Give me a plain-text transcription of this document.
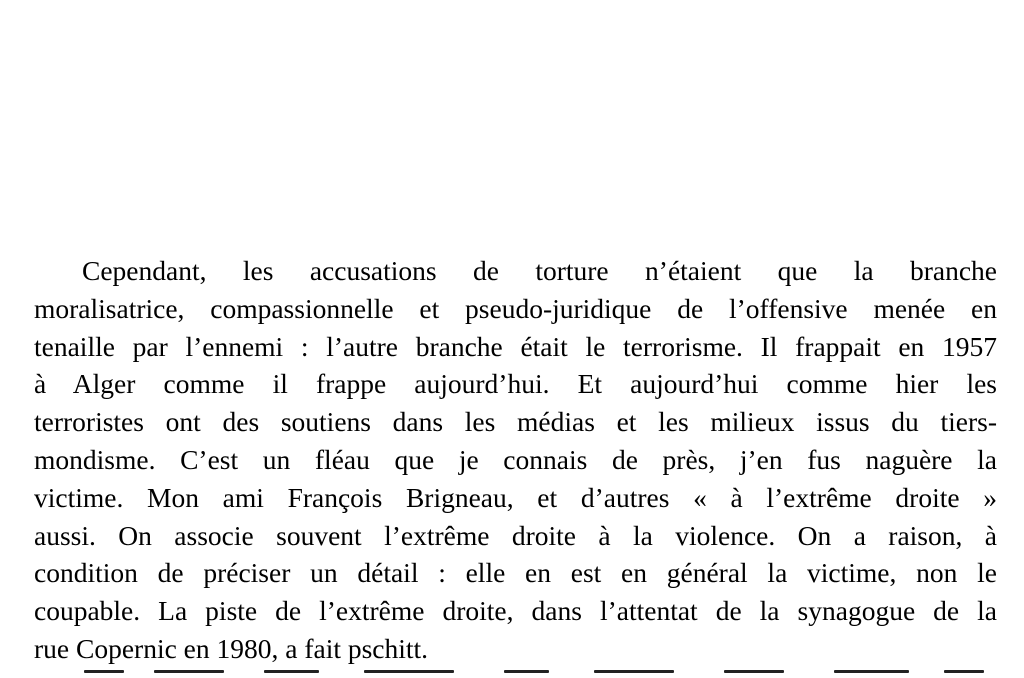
Cependant, les accusations de torture n’étaient que la branche
moralisatrice, compassionnelle et pseudo-juridique de l’offensive menée en
tenaille par l’ennemi : l’autre branche était le terrorisme. Il frappait en 1957
à Alger comme il frappe aujourd’hui. Et aujourd’hui comme hier les
terroristes ont des soutiens dans les médias et les milieux issus du tiers-
mondisme. C’est un fléau que je connais de près, j’en fus naguère la
victime. Mon ami François Brigneau, et d’autres « à l’extrême droite »
aussi. On associe souvent l’extrême droite à la violence. On a raison, à
condition de préciser un détail : elle en est en général la victime, non le
coupable. La piste de l’extrême droite, dans l’attentat de la synagogue de la
rue Copernic en 1980, a fait pschitt.
